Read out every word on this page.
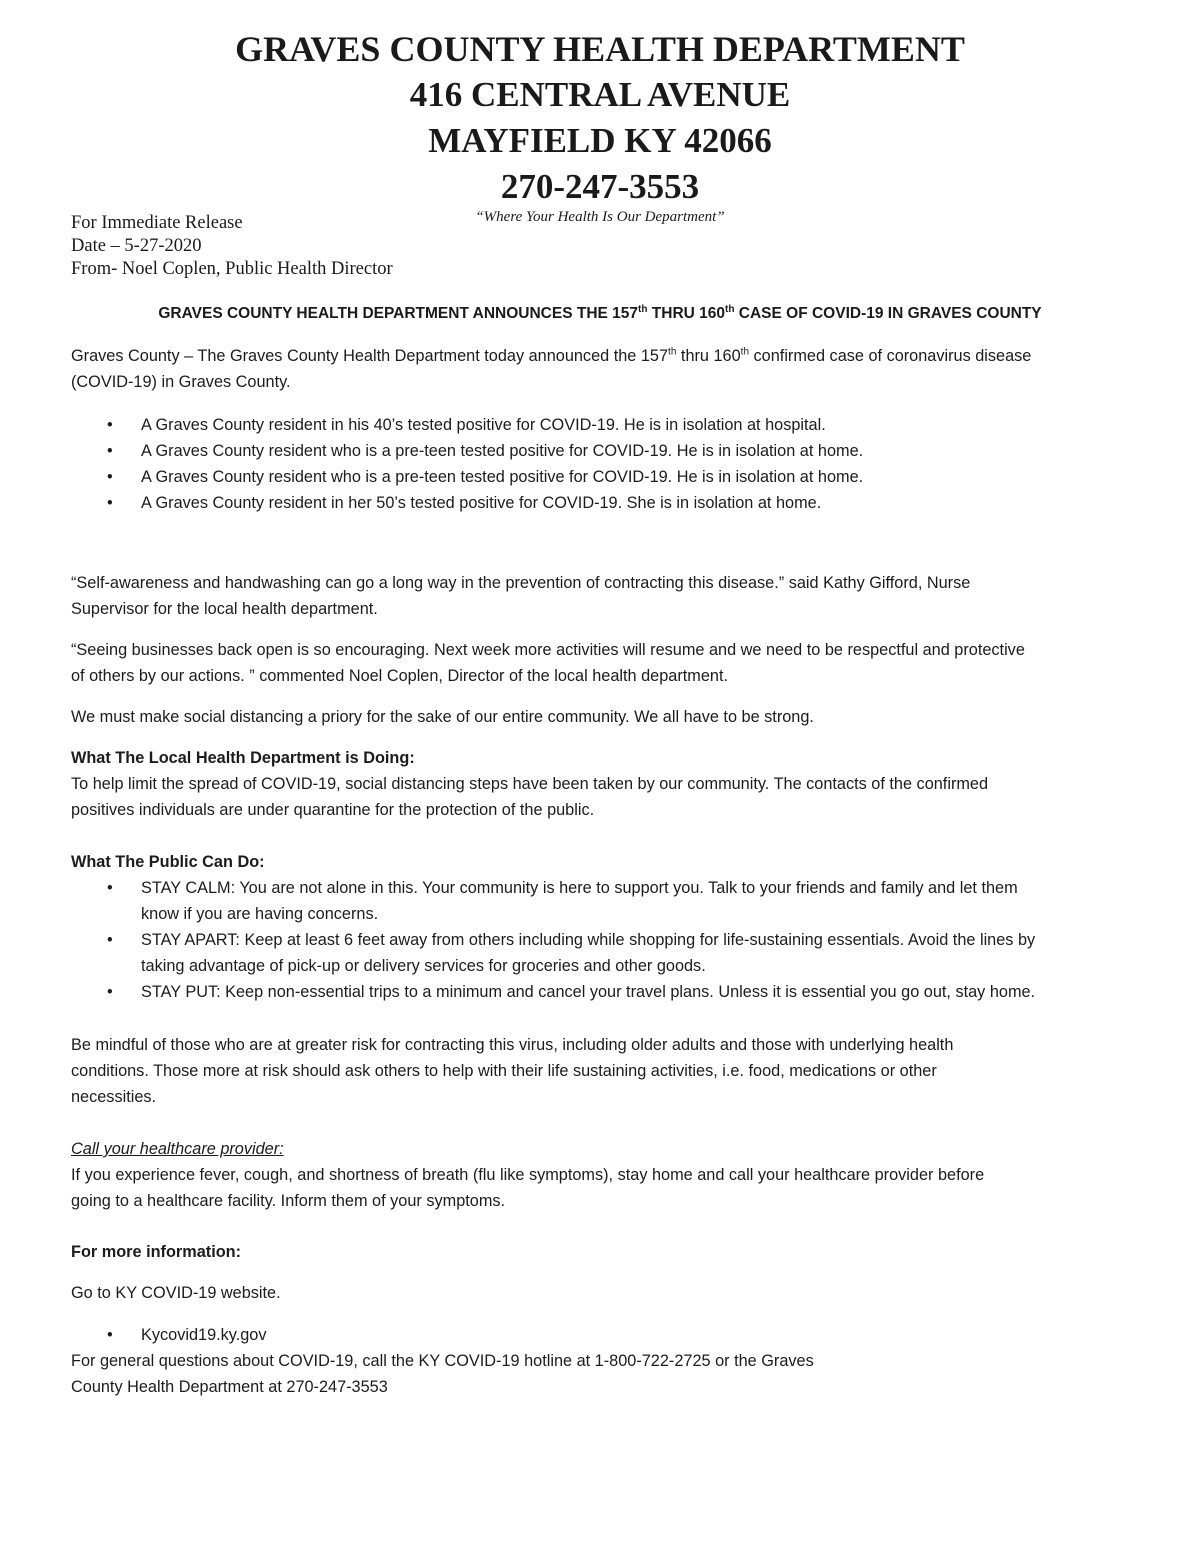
GRAVES COUNTY HEALTH DEPARTMENT
416 CENTRAL AVENUE
MAYFIELD KY 42066
270-247-3553
“Where Your Health Is Our Department”
For Immediate Release
Date – 5-27-2020
From- Noel Coplen, Public Health Director
GRAVES COUNTY HEALTH DEPARTMENT ANNOUNCES THE 157th THRU 160th CASE OF COVID-19 IN GRAVES COUNTY
Graves County – The Graves County Health Department today announced the 157th thru 160th confirmed case of coronavirus disease
(COVID-19) in Graves County.
• A Graves County resident in his 40’s tested positive for COVID-19. He is in isolation at hospital.
• A Graves County resident who is a pre-teen tested positive for COVID-19. He is in isolation at home.
• A Graves County resident who is a pre-teen tested positive for COVID-19. He is in isolation at home.
• A Graves County resident in her 50’s tested positive for COVID-19. She is in isolation at home.
“Self-awareness and handwashing can go a long way in the prevention of contracting this disease.” said Kathy Gifford, Nurse
Supervisor for the local health department.
“Seeing businesses back open is so encouraging. Next week more activities will resume and we need to be respectful and protective
of others by our actions. ” commented Noel Coplen, Director of the local health department.
We must make social distancing a priory for the sake of our entire community. We all have to be strong.
What The Local Health Department is Doing:
To help limit the spread of COVID-19, social distancing steps have been taken by our community. The contacts of the confirmed
positives individuals are under quarantine for the protection of the public.
What The Public Can Do:
• STAY CALM: You are not alone in this. Your community is here to support you. Talk to your friends and family and let them
know if you are having concerns.
• STAY APART: Keep at least 6 feet away from others including while shopping for life-sustaining essentials. Avoid the lines by
taking advantage of pick-up or delivery services for groceries and other goods.
• STAY PUT: Keep non-essential trips to a minimum and cancel your travel plans. Unless it is essential you go out, stay home.
Be mindful of those who are at greater risk for contracting this virus, including older adults and those with underlying health
conditions. Those more at risk should ask others to help with their life sustaining activities, i.e. food, medications or other
necessities.
Call your healthcare provider:
If you experience fever, cough, and shortness of breath (flu like symptoms), stay home and call your healthcare provider before
going to a healthcare facility. Inform them of your symptoms.
For more information:
Go to KY COVID-19 website.
• Kycovid19.ky.gov
For general questions about COVID-19, call the KY COVID-19 hotline at 1-800-722-2725 or the Graves
County Health Department at 270-247-3553
